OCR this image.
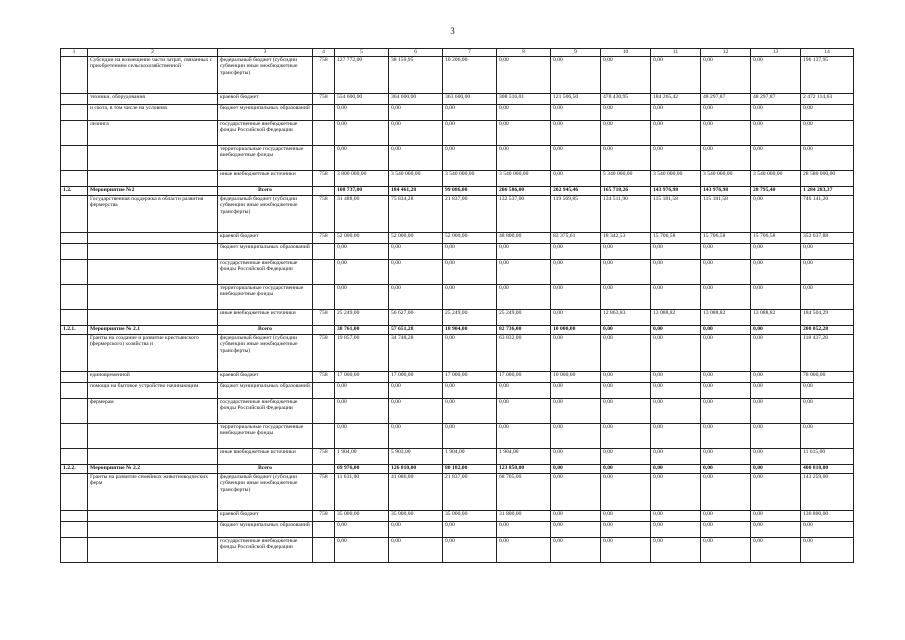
3
1	2	3	4	5	6	7	8	9	10	11	12	13	14
	Субсидии на возмещение части затрат, связанных с приобретением сельскохозяйственной	федеральный бюджет (субсидии субвенции иные межбюджетные трансферты)	758	127 772,00	38 159,95	10 206,00	0,00	0,00	0,00	0,00	0,00	0,00	196 137,95
	техники, оборудования	краевой бюджет	758	554 600,00	364 600,00	363 600,00	308 516,01	121 506,50	478 430,95	184 265,42	48 297,87	48 297,87	2 472 114,63
	и скота, в том числе на условиях	бюджет муниципальных образований		0,00	0,00	0,00	0,00	0,00	0,00	0,00	0,00	0,00	0,00
	лизинга	государственные внебюджетные фонды Российской Федерации		0,00	0,00	0,00	0,00	0,00	0,00	0,00	0,00	0,00	0,00
		территориальные государственные внебюджетные фонды		0,00	0,00	0,00	0,00	0,00	0,00	0,00	0,00	0,00	0,00
		иные внебюджетные источники	758	3 800 000,00	3 540 000,00	3 540 000,00	3 540 000,00	0,00	5 340 000,00	3 540 000,00	3 540 000,00	3 540 000,00	28 580 000,00
1.2.	Мероприятие №2	Всего		108 737,00	184 461,28	99 086,00	206 586,00	202 945,46	165 718,26	143 976,98	143 976,98	28 795,40	1 284 283,37
	Государственная поддержка в области развития фермерства	федеральный бюджет (субсидии субвенции иные межбюджетные трансферты)	758	31 488,00	75 834,28	21 837,00	132 537,00	119 569,85	134 511,90	115 181,58	115 181,58	0,00	746 141,20
		краевой бюджет	758	52 000,00	52 000,00	52 000,00	48 800,00	83 375,61	18 342,53	15 706,58	15 706,58	15 706,58	353 637,88
		бюджет муниципальных образований		0,00	0,00	0,00	0,00	0,00	0,00	0,00	0,00	0,00	0,00
		государственные внебюджетные фонды Российской Федерации		0,00	0,00	0,00	0,00	0,00	0,00	0,00	0,00	0,00	0,00
		территориальные государственные внебюджетные фонды		0,00	0,00	0,00	0,00	0,00	0,00	0,00	0,00	0,00	0,00
		иные внебюджетные источники	758	25 249,00	56 627,00	25 249,00	25 249,00	0,00	12 863,83	13 088,82	13 088,82	13 088,82	184 504,29
1.2.1.	Мероприятие № 2.1	Всего		38 761,00	57 651,28	18 904,00	82 736,00	10 000,00	0,00	0,00	0,00	0,00	208 052,28
	Гранты на создание и развитие крестьянского (фермерского) хозяйства и	федеральный бюджет (субсидии субвенции иные межбюджетные трансферты)	758	19 857,00	34 748,28	0,00	63 832,00	0,00	0,00	0,00	0,00	0,00	118 437,28
	единовременной	краевой бюджет	758	17 000,00	17 000,00	17 000,00	17 000,00	10 000,00	0,00	0,00	0,00	0,00	78 000,00
	помощи на бытовое устройство начинающим	бюджет муниципальных образований		0,00	0,00	0,00	0,00	0,00	0,00	0,00	0,00	0,00	0,00
	фермерам	государственные внебюджетные фонды Российской Федерации		0,00	0,00	0,00	0,00	0,00	0,00	0,00	0,00	0,00	0,00
		территориальные государственные внебюджетные фонды		0,00	0,00	0,00	0,00	0,00	0,00	0,00	0,00	0,00	0,00
		иные внебюджетные источники	758	1 904,00	5 903,00	1 904,00	1 904,00	0,00	0,00	0,00	0,00	0,00	11 615,00
1.2.2.	Мероприятие № 2.2	Всего		69 976,00	126 810,00	80 182,00	123 850,00	0,00	0,00	0,00	0,00	0,00	400 818,00
	Гранты на развитие семейных животноводческих ферм	федеральный бюджет (субсидии субвенции иные межбюджетные трансферты)	758	11 631,00	41 086,00	21 837,00	68 705,00	0,00	0,00	0,00	0,00	0,00	143 259,00
		краевой бюджет	758	35 000,00	35 000,00	35 000,00	31 800,00	0,00	0,00	0,00	0,00	0,00	136 800,00
		бюджет муниципальных образований		0,00	0,00	0,00	0,00	0,00	0,00	0,00	0,00	0,00	0,00
		государственные внебюджетные фонды Российской Федерации		0,00	0,00	0,00	0,00	0,00	0,00	0,00	0,00	0,00	0,00
